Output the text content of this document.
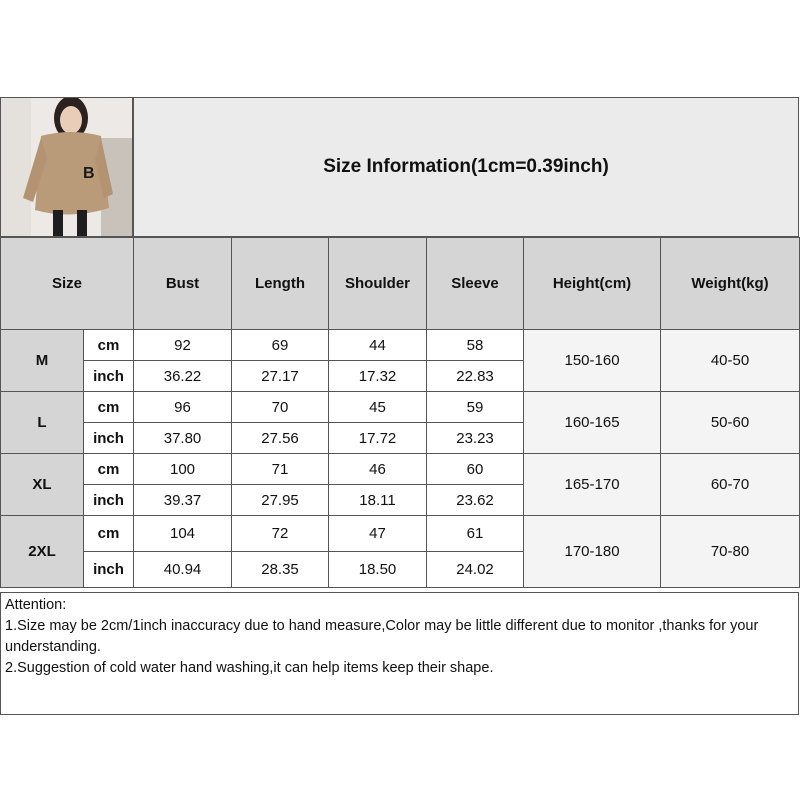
B	Size Information(1cm=0.39inch)
Size		Bust	Length	Shoulder	Sleeve	Height(cm)	Weight(kg)
M	cm	92	69	44	58	150-160	40-50
	inch	36.22	27.17	17.32	22.83		
L	cm	96	70	45	59	160-165	50-60
	inch	37.80	27.56	17.72	23.23		
XL	cm	100	71	46	60	165-170	60-70
	inch	39.37	27.95	18.11	23.62		
2XL	cm	104	72	47	61	170-180	70-80
	inch	40.94	28.35	18.50	24.02		
Attention:
1.Size may be 2cm/1inch inaccuracy due to hand measure,Color may be little different due to monitor ,thanks for your understanding.
2.Suggestion of cold water hand washing,it can help items keep their shape.
